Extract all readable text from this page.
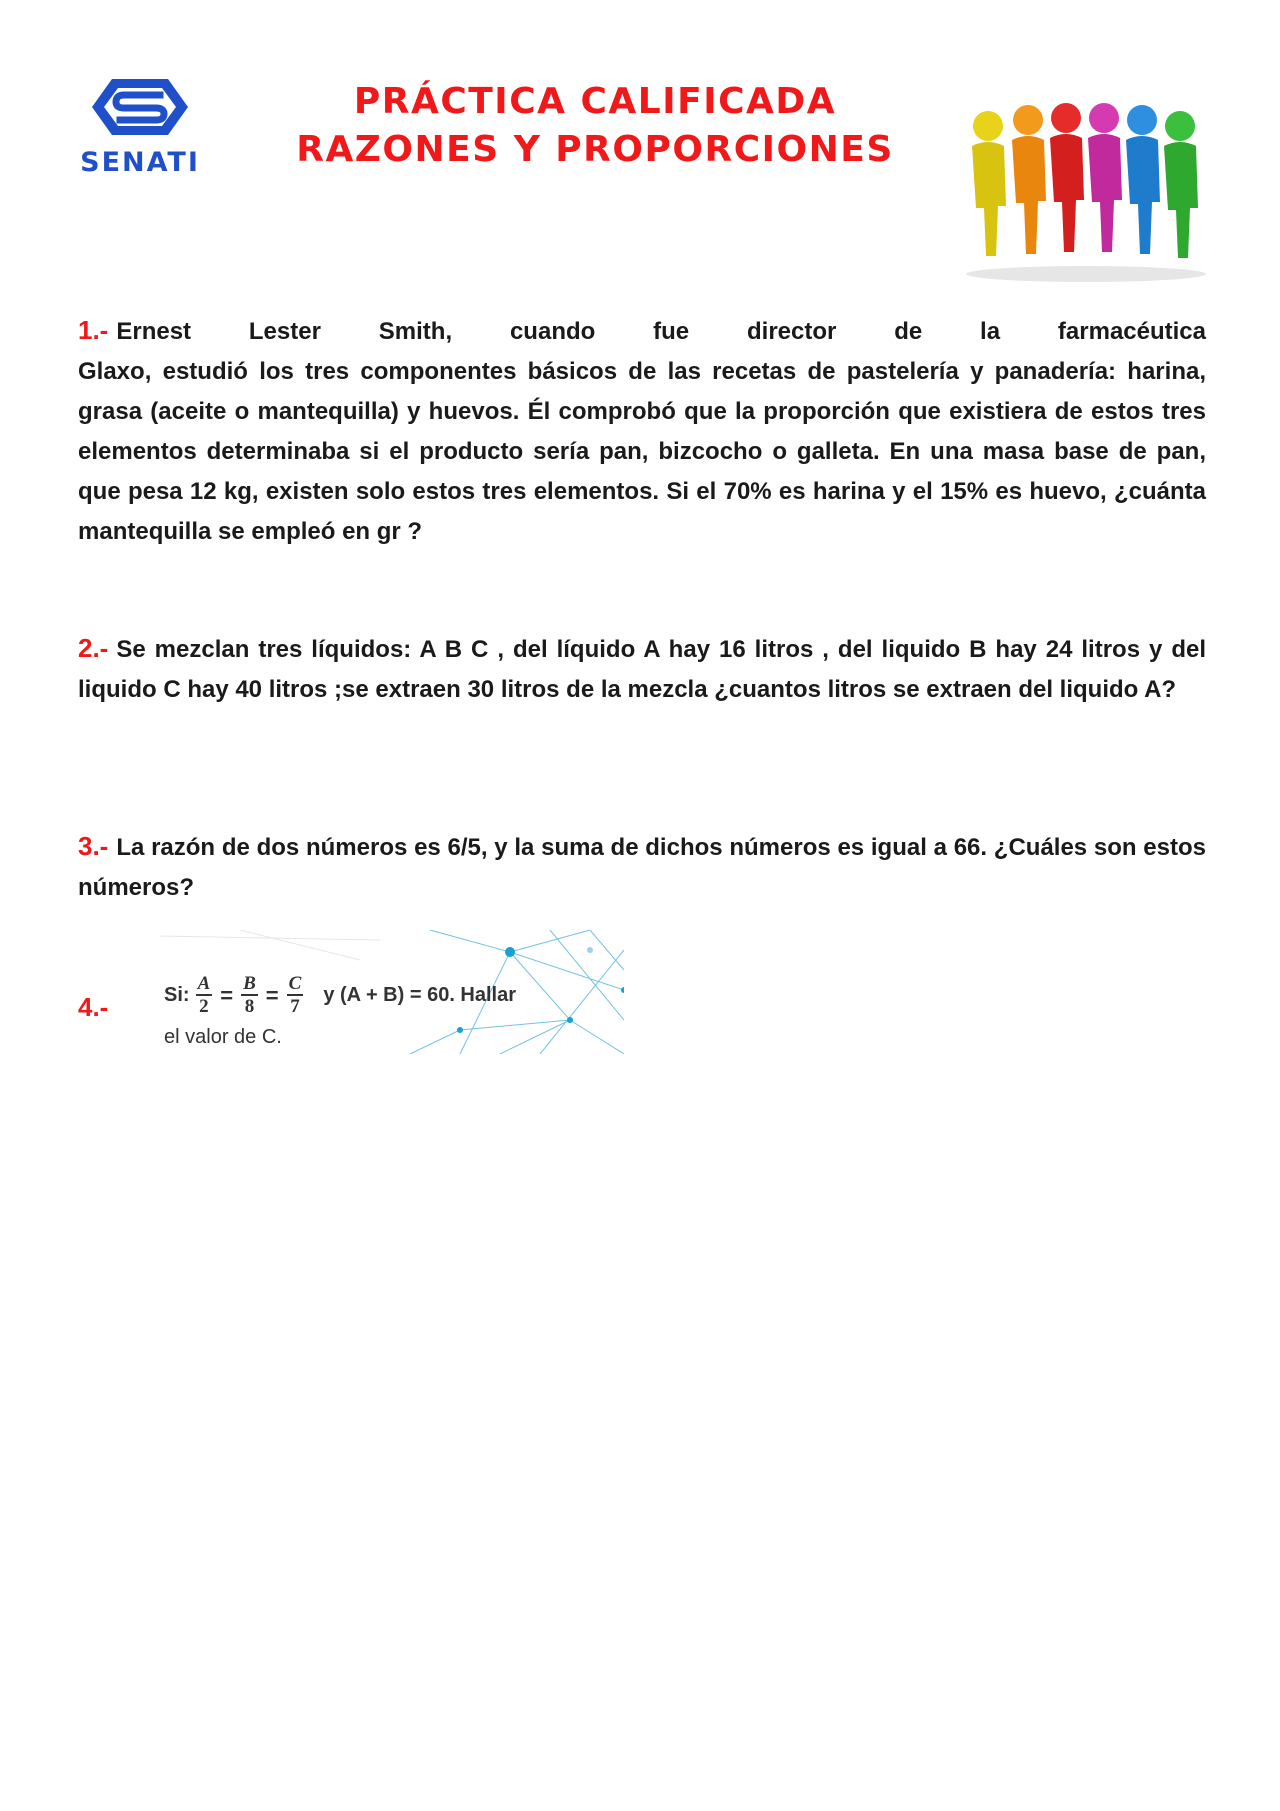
SENATI
PRÁCTICA CALIFICADA
RAZONES Y PROPORCIONES
1.- Ernest Lester Smith, cuando fue director de la farmacéutica
Glaxo, estudió los tres componentes básicos de las recetas de pastelería y panadería: harina, grasa (aceite o mantequilla) y huevos. Él comprobó que la proporción que existiera de estos tres elementos determinaba si el producto sería pan, bizcocho o galleta. En una masa base de pan, que pesa 12 kg, existen solo estos tres elementos. Si el 70% es harina y el 15% es huevo, ¿cuánta mantequilla se empleó en gr ?
2.- Se mezclan tres líquidos: A B C , del líquido A hay 16 litros , del liquido B hay 24 litros y del liquido C hay 40 litros ;se extraen 30 litros de la mezcla ¿cuantos litros se extraen del liquido A?
3.- La razón de dos números es 6/5, y la suma de dichos números es igual a 66. ¿Cuáles son estos números?
4.-	Si: $\frac{A}{2} = \frac{B}{8} = \frac{C}{7}$ y (A + B) = 60. Hallar
el valor de C.
